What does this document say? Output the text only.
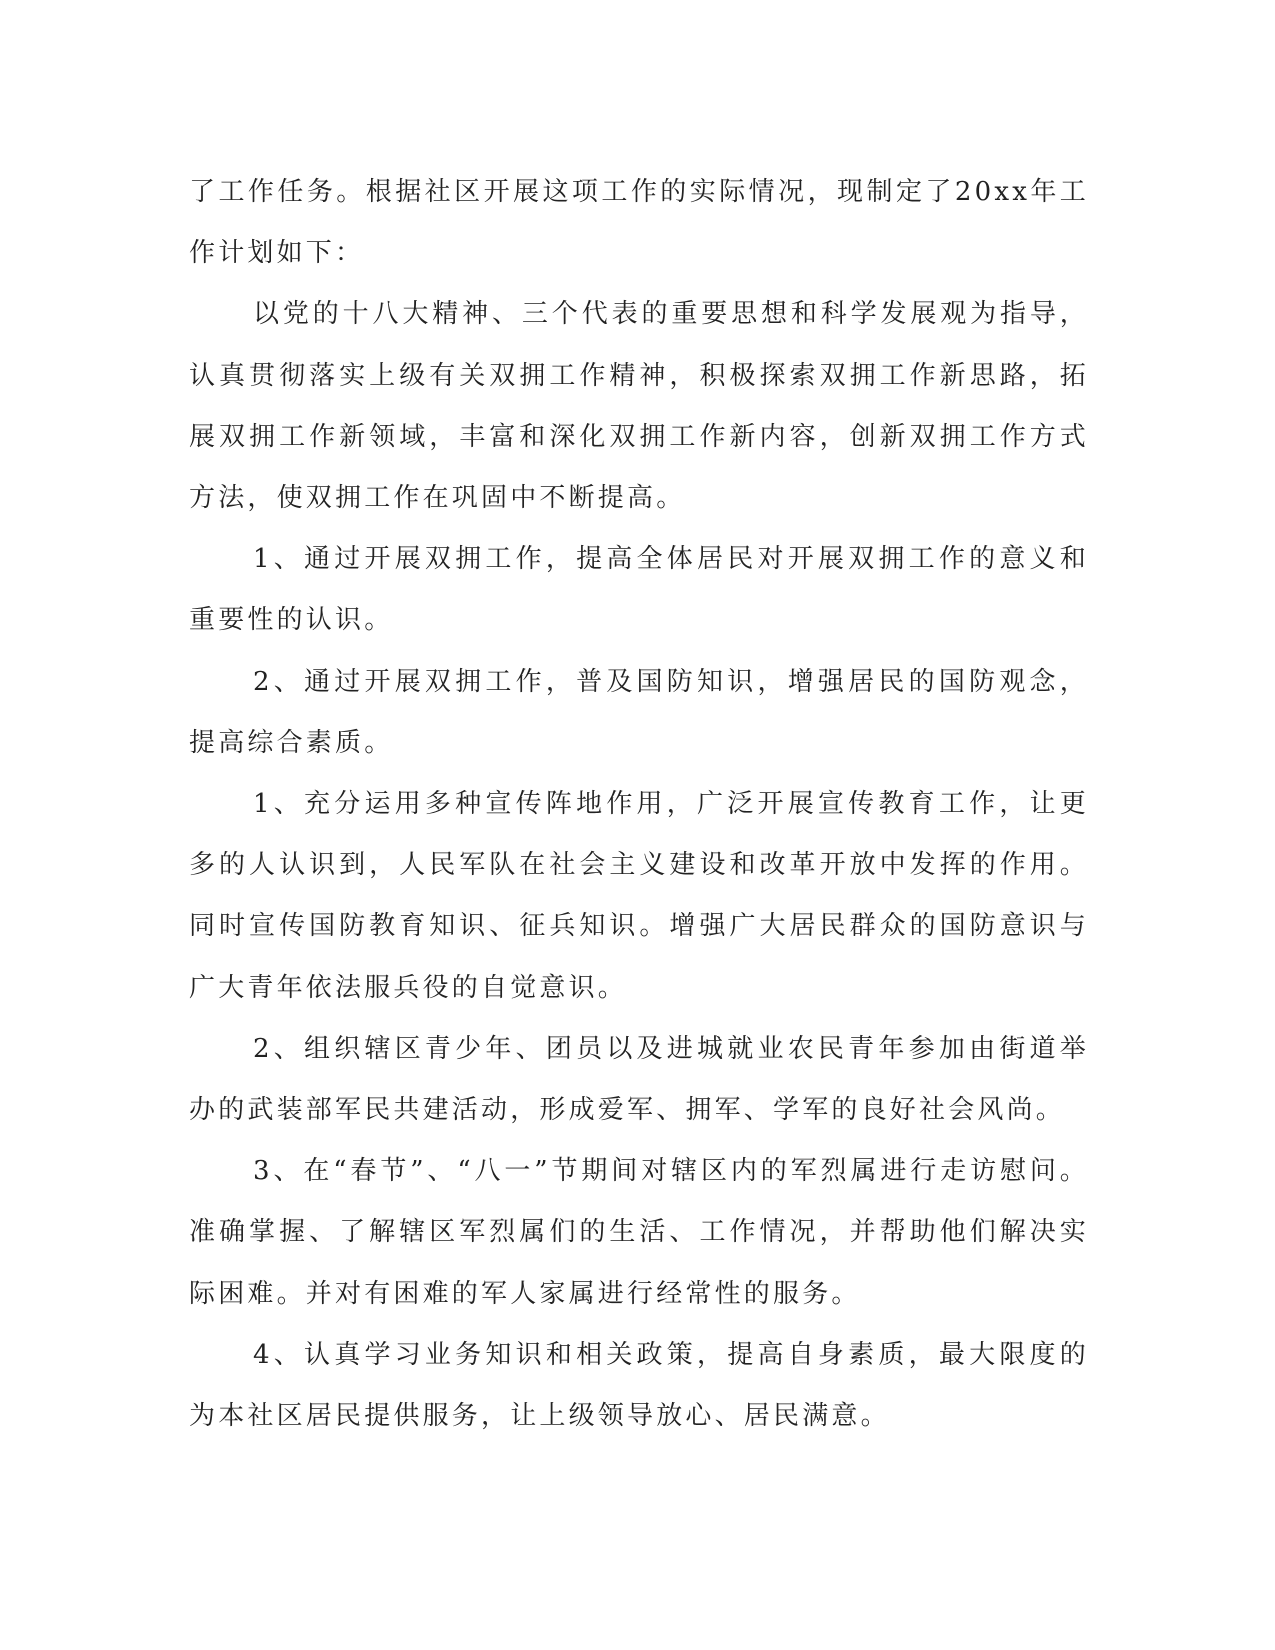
了工作任务。根据社区开展这项工作的实际情况，现制定了20xx年工作计划如下：

以党的十八大精神、三个代表的重要思想和科学发展观为指导，认真贯彻落实上级有关双拥工作精神，积极探索双拥工作新思路，拓展双拥工作新领域，丰富和深化双拥工作新内容，创新双拥工作方式方法，使双拥工作在巩固中不断提高。

1、通过开展双拥工作，提高全体居民对开展双拥工作的意义和重要性的认识。

2、通过开展双拥工作，普及国防知识，增强居民的国防观念，提高综合素质。

1、充分运用多种宣传阵地作用，广泛开展宣传教育工作，让更多的人认识到，人民军队在社会主义建设和改革开放中发挥的作用。同时宣传国防教育知识、征兵知识。增强广大居民群众的国防意识与广大青年依法服兵役的自觉意识。

2、组织辖区青少年、团员以及进城就业农民青年参加由街道举办的武装部军民共建活动，形成爱军、拥军、学军的良好社会风尚。

3、在“春节”、“八一”节期间对辖区内的军烈属进行走访慰问。准确掌握、了解辖区军烈属们的生活、工作情况，并帮助他们解决实际困难。并对有困难的军人家属进行经常性的服务。

4、认真学习业务知识和相关政策，提高自身素质，最大限度的为本社区居民提供服务，让上级领导放心、居民满意。
